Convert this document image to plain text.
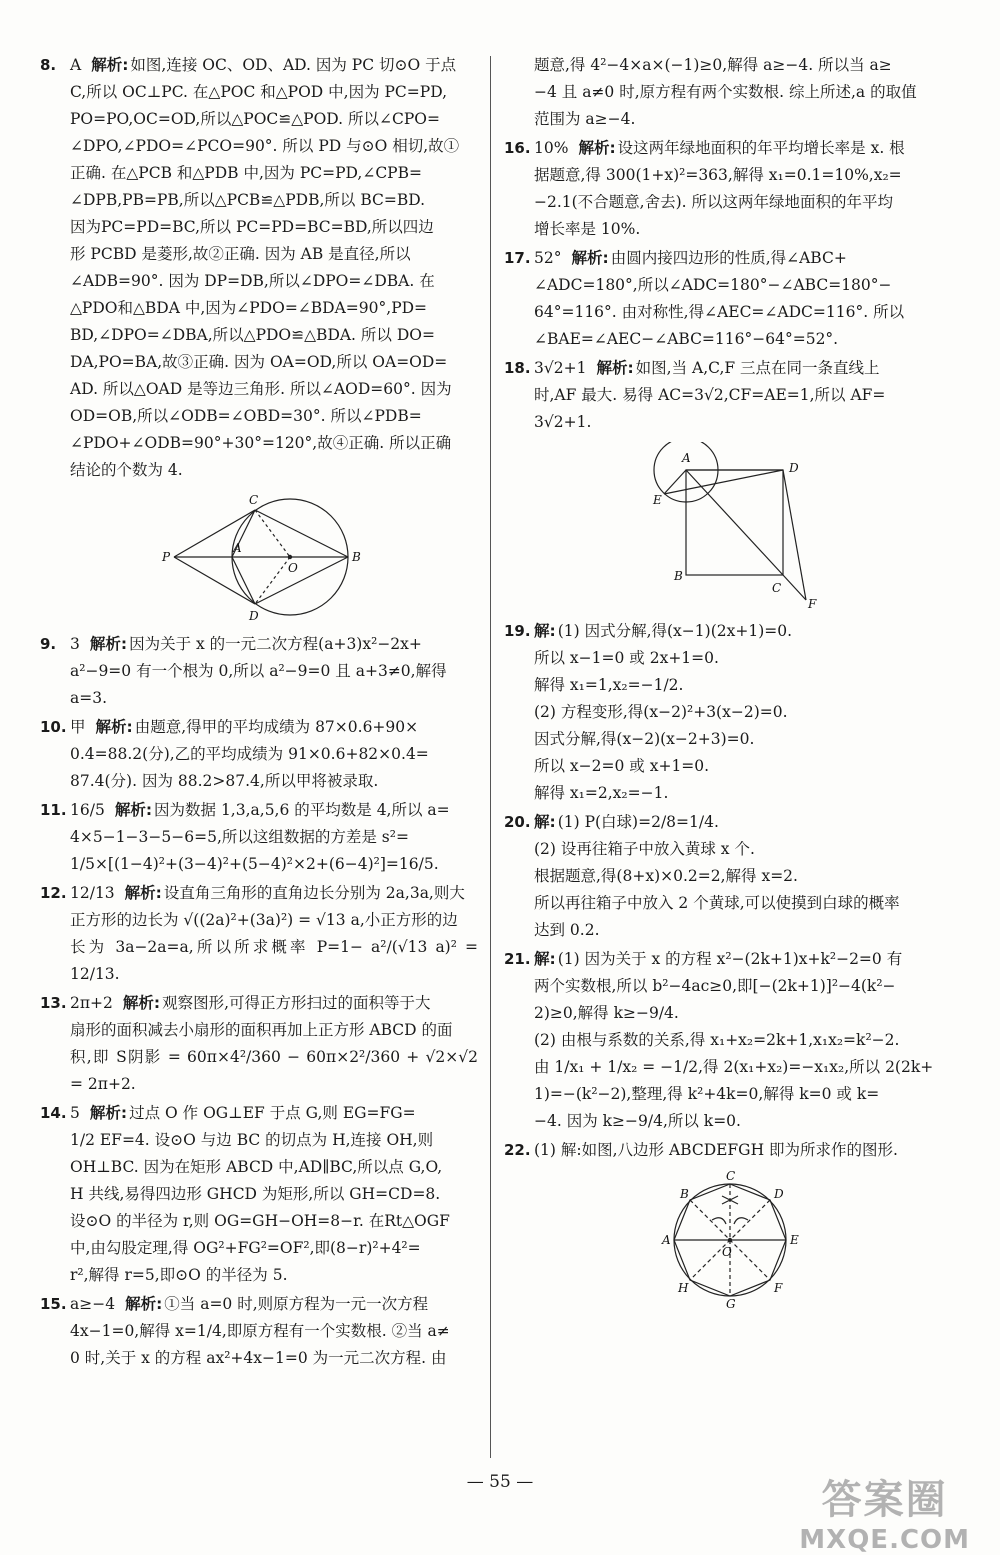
8. A 解析: 如图,连接 OC、OD、AD. 因为 PC 切⊙O 于点
C,所以 OC⊥PC. 在△POC 和△POD 中,因为 PC=PD,
PO=PO,OC=OD,所以△POC≌△POD. 所以∠CPO=
∠DPO,∠PDO=∠PCO=90°. 所以 PD 与⊙O 相切,故①
正确. 在△PCB 和△PDB 中,因为 PC=PD,∠CPB=
∠DPB,PB=PB,所以△PCB≌△PDB,所以 BC=BD.
因为PC=PD=BC,所以 PC=PD=BC=BD,所以四边
形 PCBD 是菱形,故②正确. 因为 AB 是直径,所以
∠ADB=90°. 因为 DP=DB,所以∠DPO=∠DBA. 在
△PDO和△BDA 中,因为∠PDO=∠BDA=90°,PD=
BD,∠DPO=∠DBA,所以△PDO≌△BDA. 所以 DO=
DA,PO=BA,故③正确. 因为 OA=OD,所以 OA=OD=
AD. 所以△OAD 是等边三角形. 所以∠AOD=60°. 因为
OD=OB,所以∠ODB=∠OBD=30°. 所以∠PDB=
∠PDO+∠ODB=90°+30°=120°,故④正确. 所以正确
结论的个数为 4.
C
D
P
A
O
B
9. 3 解析: 因为关于 x 的一元二次方程(a+3)x²−2x+
a²−9=0 有一个根为 0,所以 a²−9=0 且 a+3≠0,解得
a=3.
10. 甲 解析: 由题意,得甲的平均成绩为 87×0.6+90×
0.4=88.2(分),乙的平均成绩为 91×0.6+82×0.4=
87.4(分). 因为 88.2>87.4,所以甲将被录取.
11. 16/5 解析: 因为数据 1,3,a,5,6 的平均数是 4,所以 a=
4×5−1−3−5−6=5,所以这组数据的方差是 s²=
1/5×[(1−4)²+(3−4)²+(5−4)²×2+(6−4)²]=16/5.
12. 12/13 解析: 设直角三角形的直角边长分别为 2a,3a,则大
正方形的边长为 √((2a)²+(3a)²) = √13 a,小正方形的边
长为 3a−2a=a,所以所求概率 P=1− a²/(√13 a)² = 12/13.
13. 2π+2 解析: 观察图形,可得正方形扫过的面积等于大
扇形的面积减去小扇形的面积再加上正方形 ABCD 的面
积,即 S阴影 = 60π×4²/360 − 60π×2²/360 + √2×√2 = 2π+2.
14. 5 解析: 过点 O 作 OG⊥EF 于点 G,则 EG=FG=
1/2 EF=4. 设⊙O 与边 BC 的切点为 H,连接 OH,则
OH⊥BC. 因为在矩形 ABCD 中,AD∥BC,所以点 G,O,
H 共线,易得四边形 GHCD 为矩形,所以 GH=CD=8.
设⊙O 的半径为 r,则 OG=GH−OH=8−r. 在Rt△OGF
中,由勾股定理,得 OG²+FG²=OF²,即(8−r)²+4²=
r²,解得 r=5,即⊙O 的半径为 5.
15. a≥−4 解析: ①当 a=0 时,则原方程为一元一次方程
4x−1=0,解得 x=1/4,即原方程有一个实数根. ②当 a≠
0 时,关于 x 的方程 ax²+4x−1=0 为一元二次方程. 由
题意,得 4²−4×a×(−1)≥0,解得 a≥−4. 所以当 a≥
−4 且 a≠0 时,原方程有两个实数根. 综上所述,a 的取值
范围为 a≥−4.
16. 10% 解析: 设这两年绿地面积的年平均增长率是 x. 根
据题意,得 300(1+x)²=363,解得 x₁=0.1=10%,x₂=
−2.1(不合题意,舍去). 所以这两年绿地面积的年平均
增长率是 10%.
17. 52° 解析: 由圆内接四边形的性质,得∠ABC+
∠ADC=180°,所以∠ADC=180°−∠ABC=180°−
64°=116°. 由对称性,得∠AEC=∠ADC=116°. 所以
∠BAE=∠AEC−∠ABC=116°−64°=52°.
18. 3√2+1 解析: 如图,当 A,C,F 三点在同一条直线上
时,AF 最大. 易得 AC=3√2,CF=AE=1,所以 AF=
3√2+1.
A
D
E
B
C
F
19. 解: (1) 因式分解,得(x−1)(2x+1)=0.
所以 x−1=0 或 2x+1=0.
解得 x₁=1,x₂=−1/2.
(2) 方程变形,得(x−2)²+3(x−2)=0.
因式分解,得(x−2)(x−2+3)=0.
所以 x−2=0 或 x+1=0.
解得 x₁=2,x₂=−1.
20. 解: (1) P(白球)=2/8=1/4.
(2) 设再往箱子中放入黄球 x 个.
根据题意,得(8+x)×0.2=2,解得 x=2.
所以再往箱子中放入 2 个黄球,可以使摸到白球的概率
达到 0.2.
21. 解: (1) 因为关于 x 的方程 x²−(2k+1)x+k²−2=0 有
两个实数根,所以 b²−4ac≥0,即[−(2k+1)]²−4(k²−
2)≥0,解得 k≥−9/4.
(2) 由根与系数的关系,得 x₁+x₂=2k+1,x₁x₂=k²−2.
由 1/x₁ + 1/x₂ = −1/2,得 2(x₁+x₂)=−x₁x₂,所以 2(2k+
1)=−(k²−2),整理,得 k²+4k=0,解得 k=0 或 k=
−4. 因为 k≥−9/4,所以 k=0.
22. (1) 解:如图,八边形 ABCDEFGH 即为所求作的图形.
C
B	D
A	E
O
H	F
G
— 55 —	答案圈
MXQE.COM
